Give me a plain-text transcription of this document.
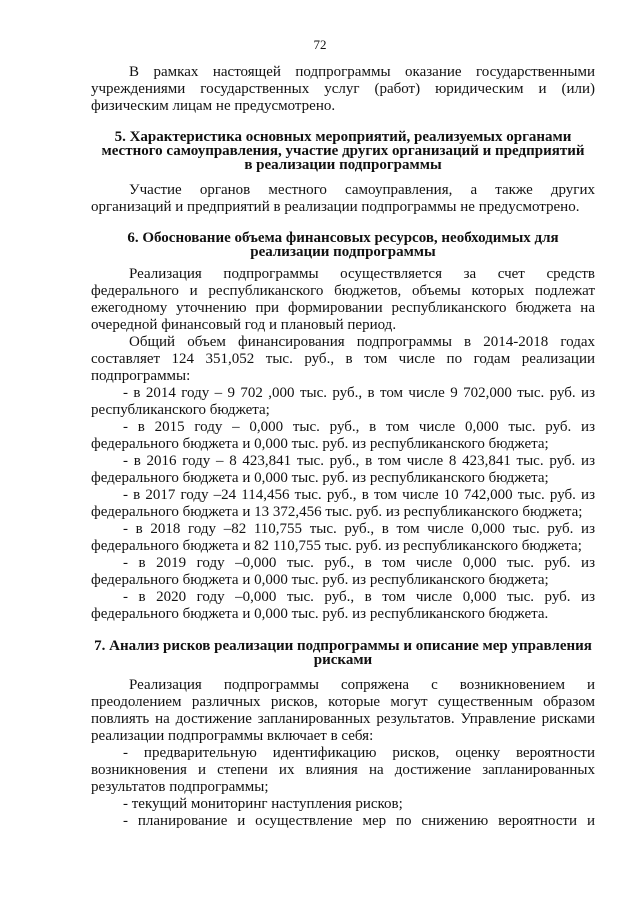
72
В рамках настоящей подпрограммы оказание государственными
учреждениями государственных услуг (работ) юридическим и (или)
физическим лицам не предусмотрено.
5. Характеристика основных мероприятий, реализуемых органами
местного самоуправления, участие других организаций и предприятий
в реализации подпрограммы
Участие органов местного самоуправления, а также других
организаций и предприятий в реализации подпрограммы не предусмотрено.
6. Обоснование объема финансовых ресурсов, необходимых для
реализации подпрограммы
Реализация подпрограммы осуществляется за счет средств
федерального и республиканского бюджетов, объемы которых подлежат
ежегодному уточнению при формировании республиканского бюджета на
очередной финансовый год и плановый период.
Общий объем финансирования подпрограммы в 2014-2018 годах
составляет 124 351,052 тыс. руб., в том числе по годам реализации
подпрограммы:
- в 2014 году – 9 702 ,000 тыс. руб., в том числе 9 702,000 тыс. руб. из
республиканского бюджета;
- в 2015 году – 0,000 тыс. руб., в том числе 0,000 тыс. руб. из
федерального бюджета и 0,000 тыс. руб. из республиканского бюджета;
- в 2016 году – 8 423,841 тыс. руб., в том числе 8 423,841 тыс. руб. из
федерального бюджета и 0,000 тыс. руб. из республиканского бюджета;
- в 2017 году –24 114,456 тыс. руб., в том числе 10 742,000 тыс. руб. из
федерального бюджета и 13 372,456 тыс. руб. из республиканского бюджета;
- в 2018 году –82 110,755 тыс. руб., в том числе 0,000 тыс. руб. из
федерального бюджета и 82 110,755 тыс. руб. из республиканского бюджета;
- в 2019 году –0,000 тыс. руб., в том числе 0,000 тыс. руб. из
федерального бюджета и 0,000 тыс. руб. из республиканского бюджета;
- в 2020 году –0,000 тыс. руб., в том числе 0,000 тыс. руб. из
федерального бюджета и 0,000 тыс. руб. из республиканского бюджета.
7. Анализ рисков реализации подпрограммы и описание мер управления
рисками
Реализация подпрограммы сопряжена с возникновением и
преодолением различных рисков, которые могут существенным образом
повлиять на достижение запланированных результатов. Управление рисками
реализации подпрограммы включает в себя:
- предварительную идентификацию рисков, оценку вероятности
возникновения и степени их влияния на достижение запланированных
результатов подпрограммы;
- текущий мониторинг наступления рисков;
- планирование и осуществление мер по снижению вероятности и
